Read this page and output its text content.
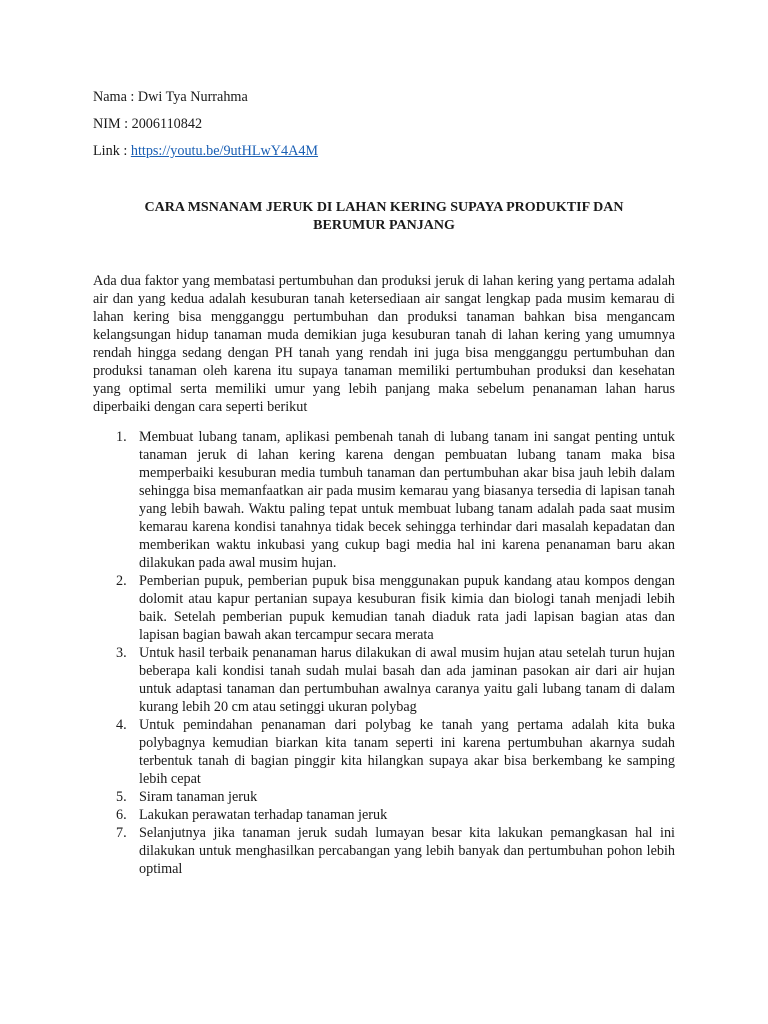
Nama : Dwi Tya Nurrahma
NIM : 2006110842
Link : https://youtu.be/9utHLwY4A4M
CARA MSNANAM JERUK DI LAHAN KERING SUPAYA PRODUKTIF DAN
BERUMUR PANJANG

Ada dua faktor yang membatasi pertumbuhan dan produksi jeruk di lahan kering yang pertama adalah air dan yang kedua adalah kesuburan tanah ketersediaan air sangat lengkap pada musim kemarau di lahan kering bisa mengganggu pertumbuhan dan produksi tanaman bahkan bisa mengancam kelangsungan hidup tanaman muda demikian juga kesuburan tanah di lahan kering yang umumnya rendah hingga sedang dengan PH tanah yang rendah ini juga bisa mengganggu pertumbuhan dan produksi tanaman oleh karena itu supaya tanaman memiliki pertumbuhan produksi dan kesehatan yang optimal serta memiliki umur yang lebih panjang maka sebelum penanaman lahan harus diperbaiki dengan cara seperti berikut

1. Membuat lubang tanam, aplikasi pembenah tanah di lubang tanam ini sangat penting untuk tanaman jeruk di lahan kering karena dengan pembuatan lubang tanam maka bisa memperbaiki kesuburan media tumbuh tanaman dan pertumbuhan akar bisa jauh lebih dalam sehingga bisa memanfaatkan air pada musim kemarau yang biasanya tersedia di lapisan tanah yang lebih bawah. Waktu paling tepat untuk membuat lubang tanam adalah pada saat musim kemarau karena kondisi tanahnya tidak becek sehingga terhindar dari masalah kepadatan dan memberikan waktu inkubasi yang cukup bagi media hal ini karena penanaman baru akan dilakukan pada awal musim hujan.
2. Pemberian pupuk, pemberian pupuk bisa menggunakan pupuk kandang atau kompos dengan dolomit atau kapur pertanian supaya kesuburan fisik kimia dan biologi tanah menjadi lebih baik. Setelah pemberian pupuk kemudian tanah diaduk rata jadi lapisan bagian atas dan lapisan bagian bawah akan tercampur secara merata
3. Untuk hasil terbaik penanaman harus dilakukan di awal musim hujan atau setelah turun hujan beberapa kali kondisi tanah sudah mulai basah dan ada jaminan pasokan air dari air hujan untuk adaptasi tanaman dan pertumbuhan awalnya caranya yaitu gali lubang tanam di dalam kurang lebih 20 cm atau setinggi ukuran polybag
4. Untuk pemindahan penanaman dari polybag ke tanah yang pertama adalah kita buka polybagnya kemudian biarkan kita tanam seperti ini karena pertumbuhan akarnya sudah terbentuk tanah di bagian pinggir kita hilangkan supaya akar bisa berkembang ke samping lebih cepat
5. Siram tanaman jeruk
6. Lakukan perawatan terhadap tanaman jeruk
7. Selanjutnya jika tanaman jeruk sudah lumayan besar kita lakukan pemangkasan hal ini dilakukan untuk menghasilkan percabangan yang lebih banyak dan pertumbuhan pohon lebih optimal
